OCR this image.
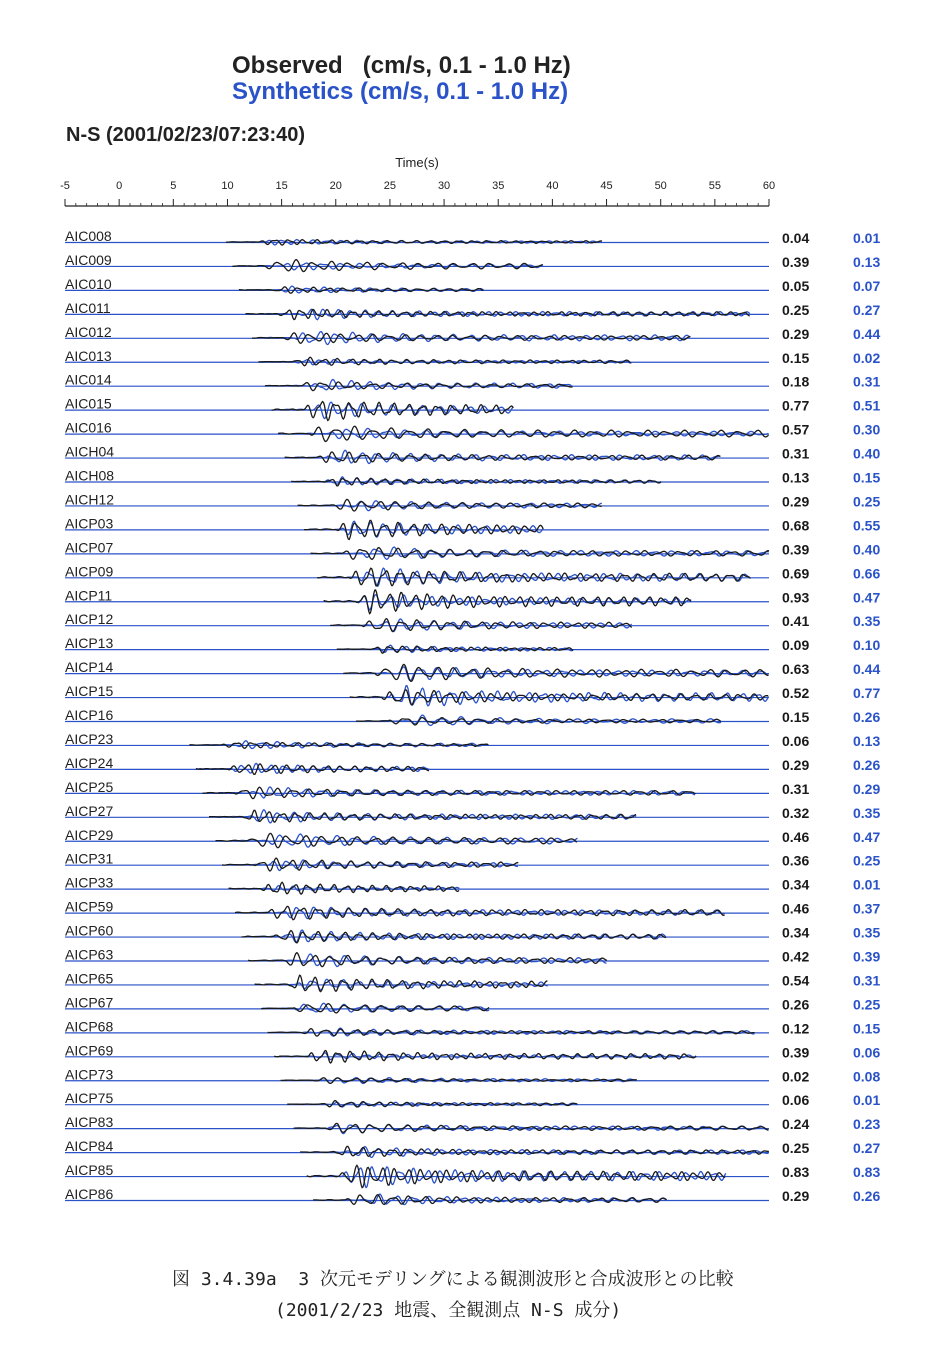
Observed   (cm/s, 0.1 - 1.0 Hz)
Synthetics (cm/s, 0.1 - 1.0 Hz)
N-S (2001/02/23/07:23:40)
Time(s)
-5	0	5	10	15	20	25	30	35	40	45	50	55	60
AIC008	0.04	0.01
AIC009	0.39	0.13
AIC010	0.05	0.07
AIC011	0.25	0.27
AIC012	0.29	0.44
AIC013	0.15	0.02
AIC014	0.18	0.31
AIC015	0.77	0.51
AIC016	0.57	0.30
AICH04	0.31	0.40
AICH08	0.13	0.15
AICH12	0.29	0.25
AICP03	0.68	0.55
AICP07	0.39	0.40
AICP09	0.69	0.66
AICP11	0.93	0.47
AICP12	0.41	0.35
AICP13	0.09	0.10
AICP14	0.63	0.44
AICP15	0.52	0.77
AICP16	0.15	0.26
AICP23	0.06	0.13
AICP24	0.29	0.26
AICP25	0.31	0.29
AICP27	0.32	0.35
AICP29	0.46	0.47
AICP31	0.36	0.25
AICP33	0.34	0.01
AICP59	0.46	0.37
AICP60	0.34	0.35
AICP63	0.42	0.39
AICP65	0.54	0.31
AICP67	0.26	0.25
AICP68	0.12	0.15
AICP69	0.39	0.06
AICP73	0.02	0.08
AICP75	0.06	0.01
AICP83	0.24	0.23
AICP84	0.25	0.27
AICP85	0.83	0.83
AICP86	0.29	0.26
図 3.4.39a  3 次元モデリングによる観測波形と合成波形との比較
(2001/2/23 地震、全観測点 N-S 成分)
